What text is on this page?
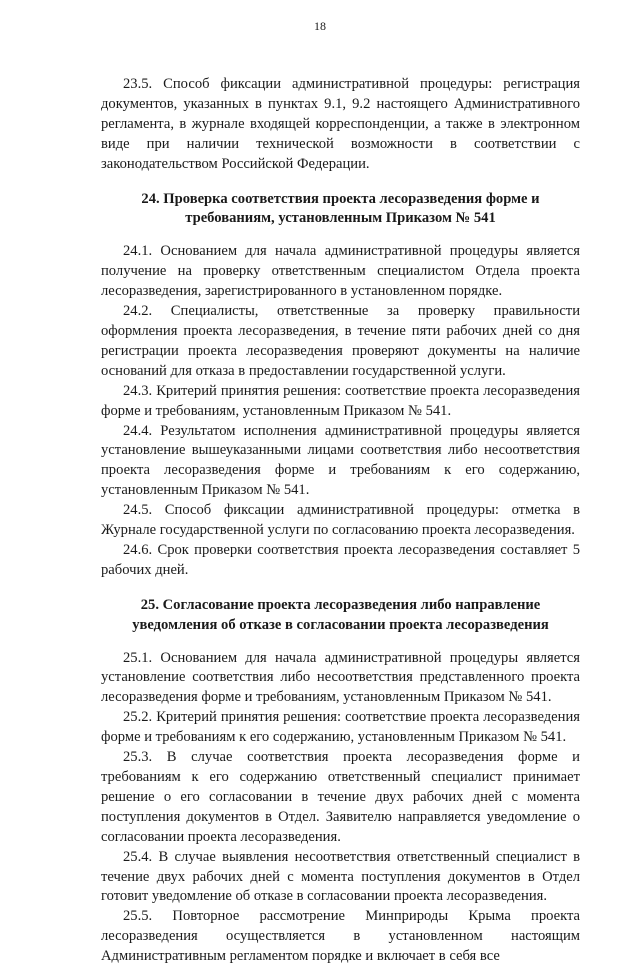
18

23.5. Способ фиксации административной процедуры: регистрация документов, указанных в пунктах 9.1, 9.2 настоящего Административного регламента, в журнале входящей корреспонденции, а также в электронном виде при наличии технической возможности в соответствии с законодательством Российской Федерации.

24. Проверка соответствия проекта лесоразведения форме и требованиям, установленным Приказом № 541

24.1. Основанием для начала административной процедуры является получение на проверку ответственным специалистом Отдела проекта лесоразведения, зарегистрированного в установленном порядке.

24.2. Специалисты, ответственные за проверку правильности оформления проекта лесоразведения, в течение пяти рабочих дней со дня регистрации проекта лесоразведения проверяют документы на наличие оснований для отказа в предоставлении государственной услуги.

24.3. Критерий принятия решения: соответствие проекта лесоразведения форме и требованиям, установленным Приказом № 541.

24.4. Результатом исполнения административной процедуры является установление вышеуказанными лицами соответствия либо несоответствия проекта лесоразведения форме и требованиям к его содержанию, установленным Приказом № 541.

24.5. Способ фиксации административной процедуры: отметка в Журнале государственной услуги по согласованию проекта лесоразведения.

24.6. Срок проверки соответствия проекта лесоразведения составляет 5 рабочих дней.

25. Согласование проекта лесоразведения либо направление уведомления об отказе в согласовании проекта лесоразведения

25.1. Основанием для начала административной процедуры является установление соответствия либо несоответствия представленного проекта лесоразведения форме и требованиям, установленным Приказом № 541.

25.2. Критерий принятия решения: соответствие проекта лесоразведения форме и требованиям к его содержанию, установленным Приказом № 541.

25.3. В случае соответствия проекта лесоразведения форме и требованиям к его содержанию ответственный специалист принимает решение о его согласовании в течение двух рабочих дней с момента поступления документов в Отдел. Заявителю направляется уведомление о согласовании проекта лесоразведения.

25.4. В случае выявления несоответствия ответственный специалист в течение двух рабочих дней с момента поступления документов в Отдел готовит уведомление об отказе в согласовании проекта лесоразведения.

25.5. Повторное рассмотрение Минприроды Крыма проекта лесоразведения осуществляется в установленном настоящим Административным регламентом порядке и включает в себя все
